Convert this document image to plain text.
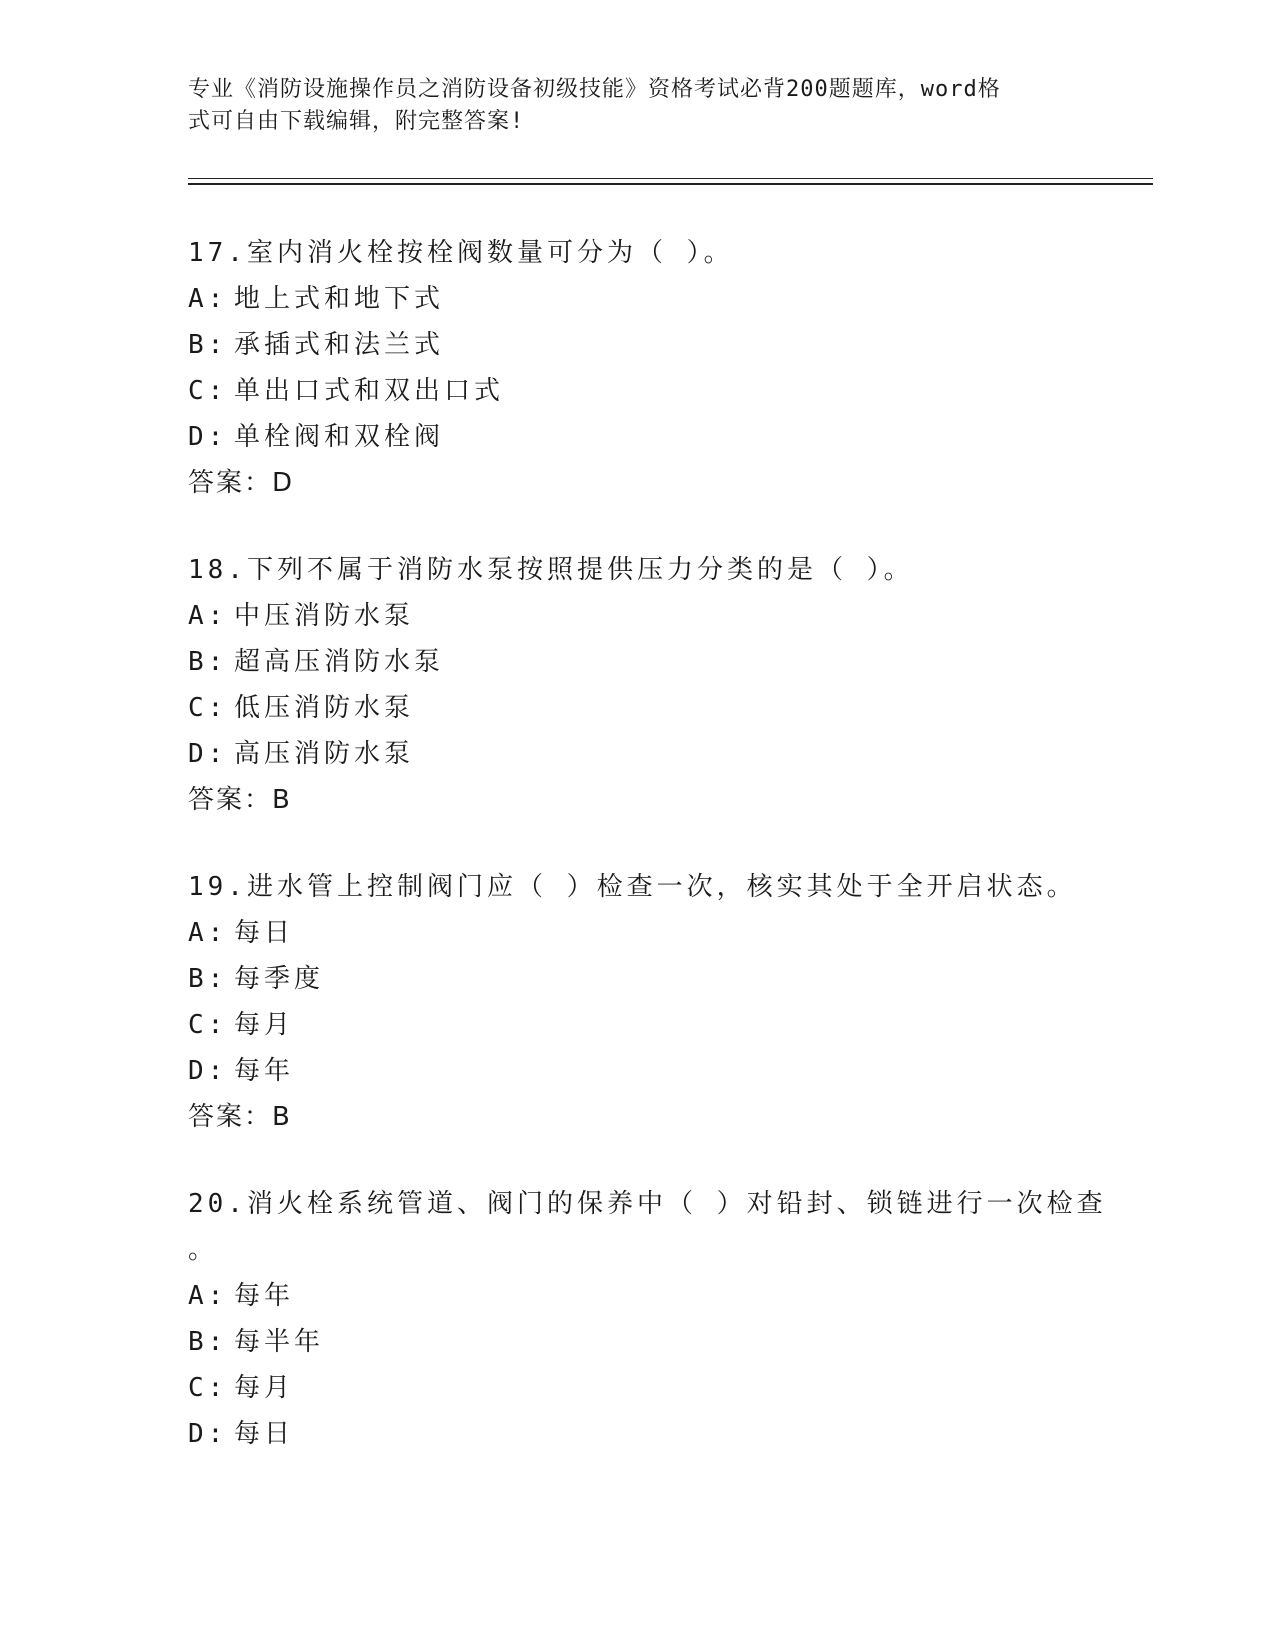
专业《消防设施操作员之消防设备初级技能》资格考试必背200题题库，word格
式可自由下载编辑，附完整答案!
17.室内消火栓按栓阀数量可分为（ ）。
A: 地上式和地下式
B: 承插式和法兰式
C: 单出口式和双出口式
D: 单栓阀和双栓阀
答案：D
18.下列不属于消防水泵按照提供压力分类的是（ ）。
A: 中压消防水泵
B: 超高压消防水泵
C: 低压消防水泵
D: 高压消防水泵
答案：B
19.进水管上控制阀门应（ ）检查一次，核实其处于全开启状态。
A: 每日
B: 每季度
C: 每月
D: 每年
答案：B
20.消火栓系统管道、阀门的保养中（ ）对铅封、锁链进行一次检查
。
A: 每年
B: 每半年
C: 每月
D: 每日
